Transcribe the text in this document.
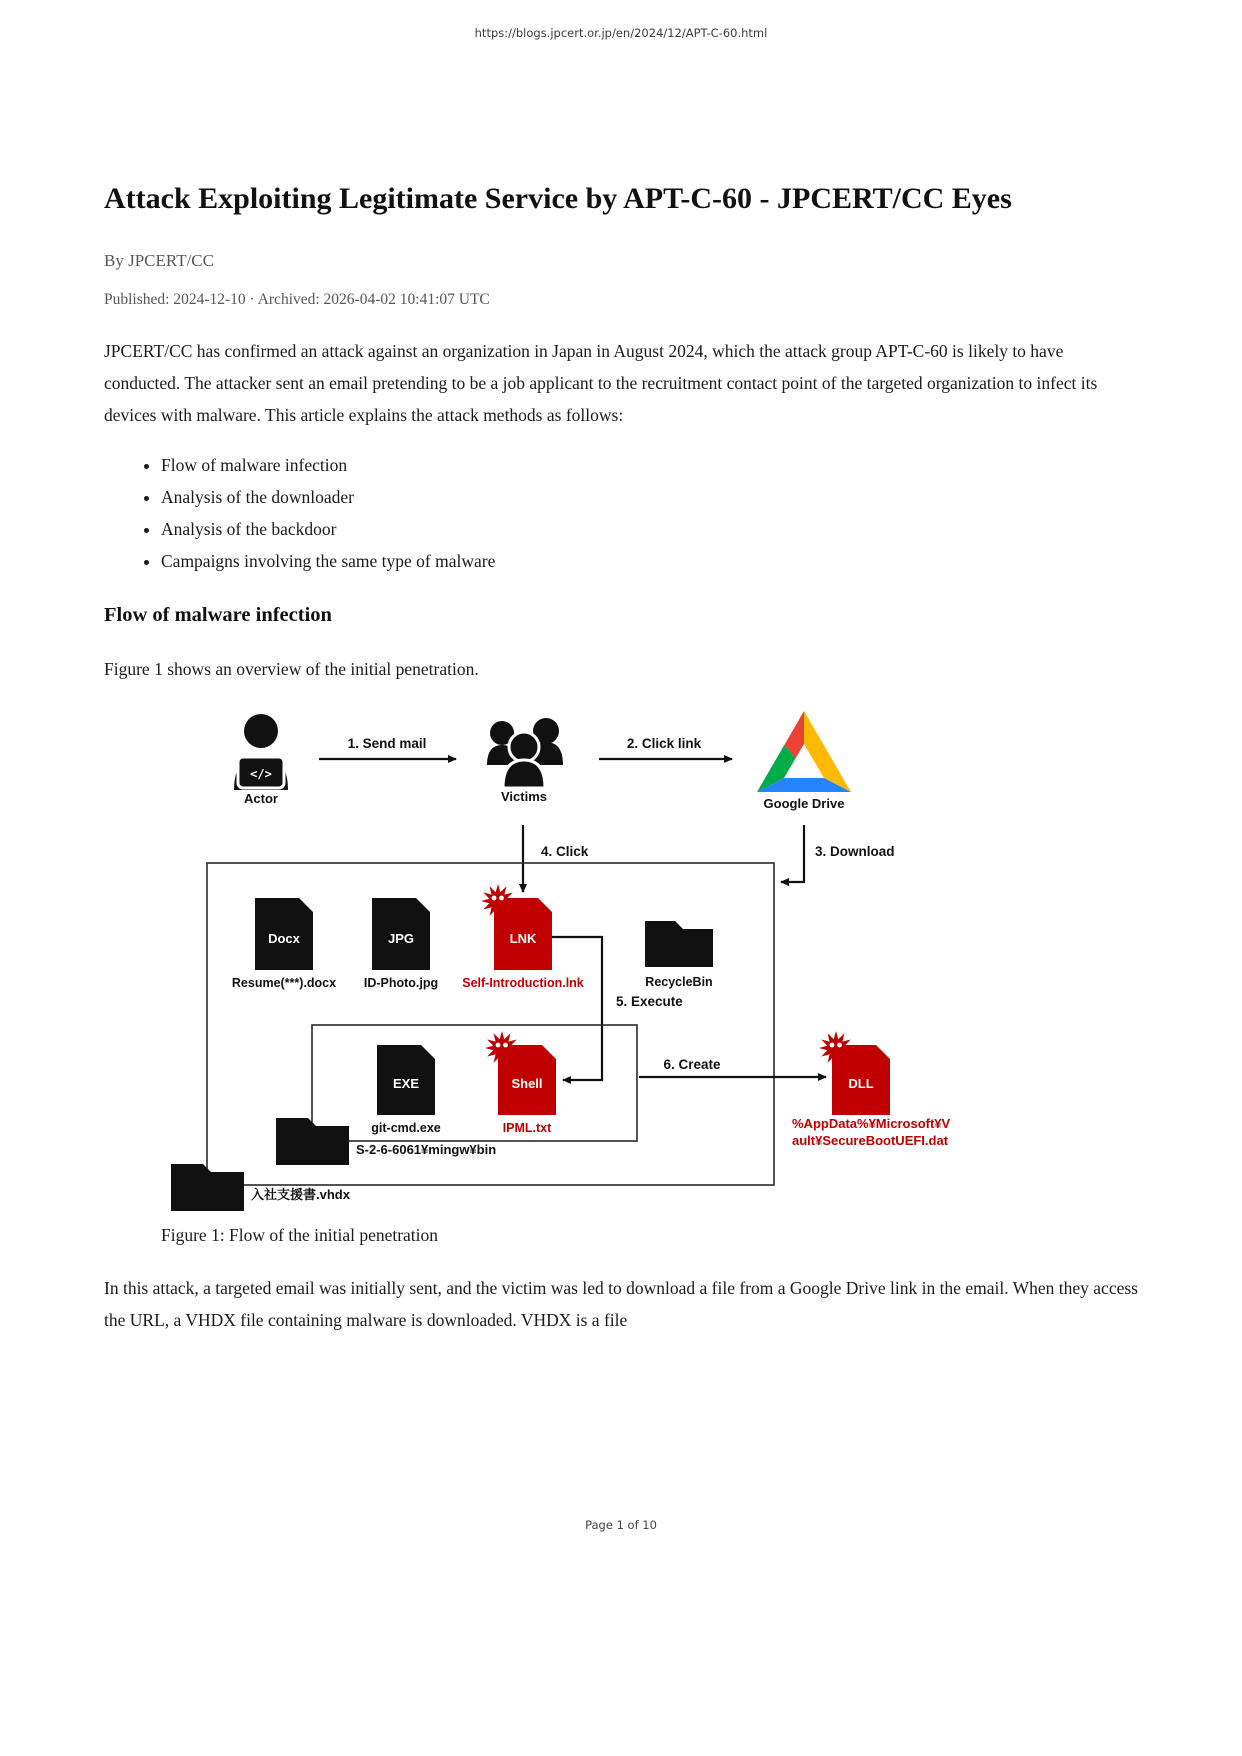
https://blogs.jpcert.or.jp/en/2024/12/APT-C-60.html
Attack Exploiting Legitimate Service by APT-C-60 - JPCERT/CC Eyes

By JPCERT/CC

Published: 2024-12-10 · Archived: 2026-04-02 10:41:07 UTC

JPCERT/CC has confirmed an attack against an organization in Japan in August 2024, which the attack group APT-C-60 is likely to have conducted. The attacker sent an email pretending to be a job applicant to the recruitment contact point of the targeted organization to infect its devices with malware. This article explains the attack methods as follows:

• Flow of malware infection
• Analysis of the downloader
• Analysis of the backdoor
• Campaigns involving the same type of malware
Flow of malware infection

Figure 1 shows an overview of the initial penetration.

</>
Actor
1. Send mail
Victims
2. Click link
Google Drive
4. Click	3. Download
Docx
Resume(***).docx
JPG
ID-Photo.jpg
LNK
Self-Introduction.lnk	RecycleBin
5. Execute
EXE
git-cmd.exe
Shell
IPML.txt
S-2-6-6061¥mingw¥bin
6. Create
DLL
%AppData%¥Microsoft¥V
ault¥SecureBootUEFI.dat
入社支援書.vhdx
Figure 1: Flow of the initial penetration

In this attack, a targeted email was initially sent, and the victim was led to download a file from a Google Drive link in the email. When they access the URL, a VHDX file containing malware is downloaded. VHDX is a file

Page 1 of 10
